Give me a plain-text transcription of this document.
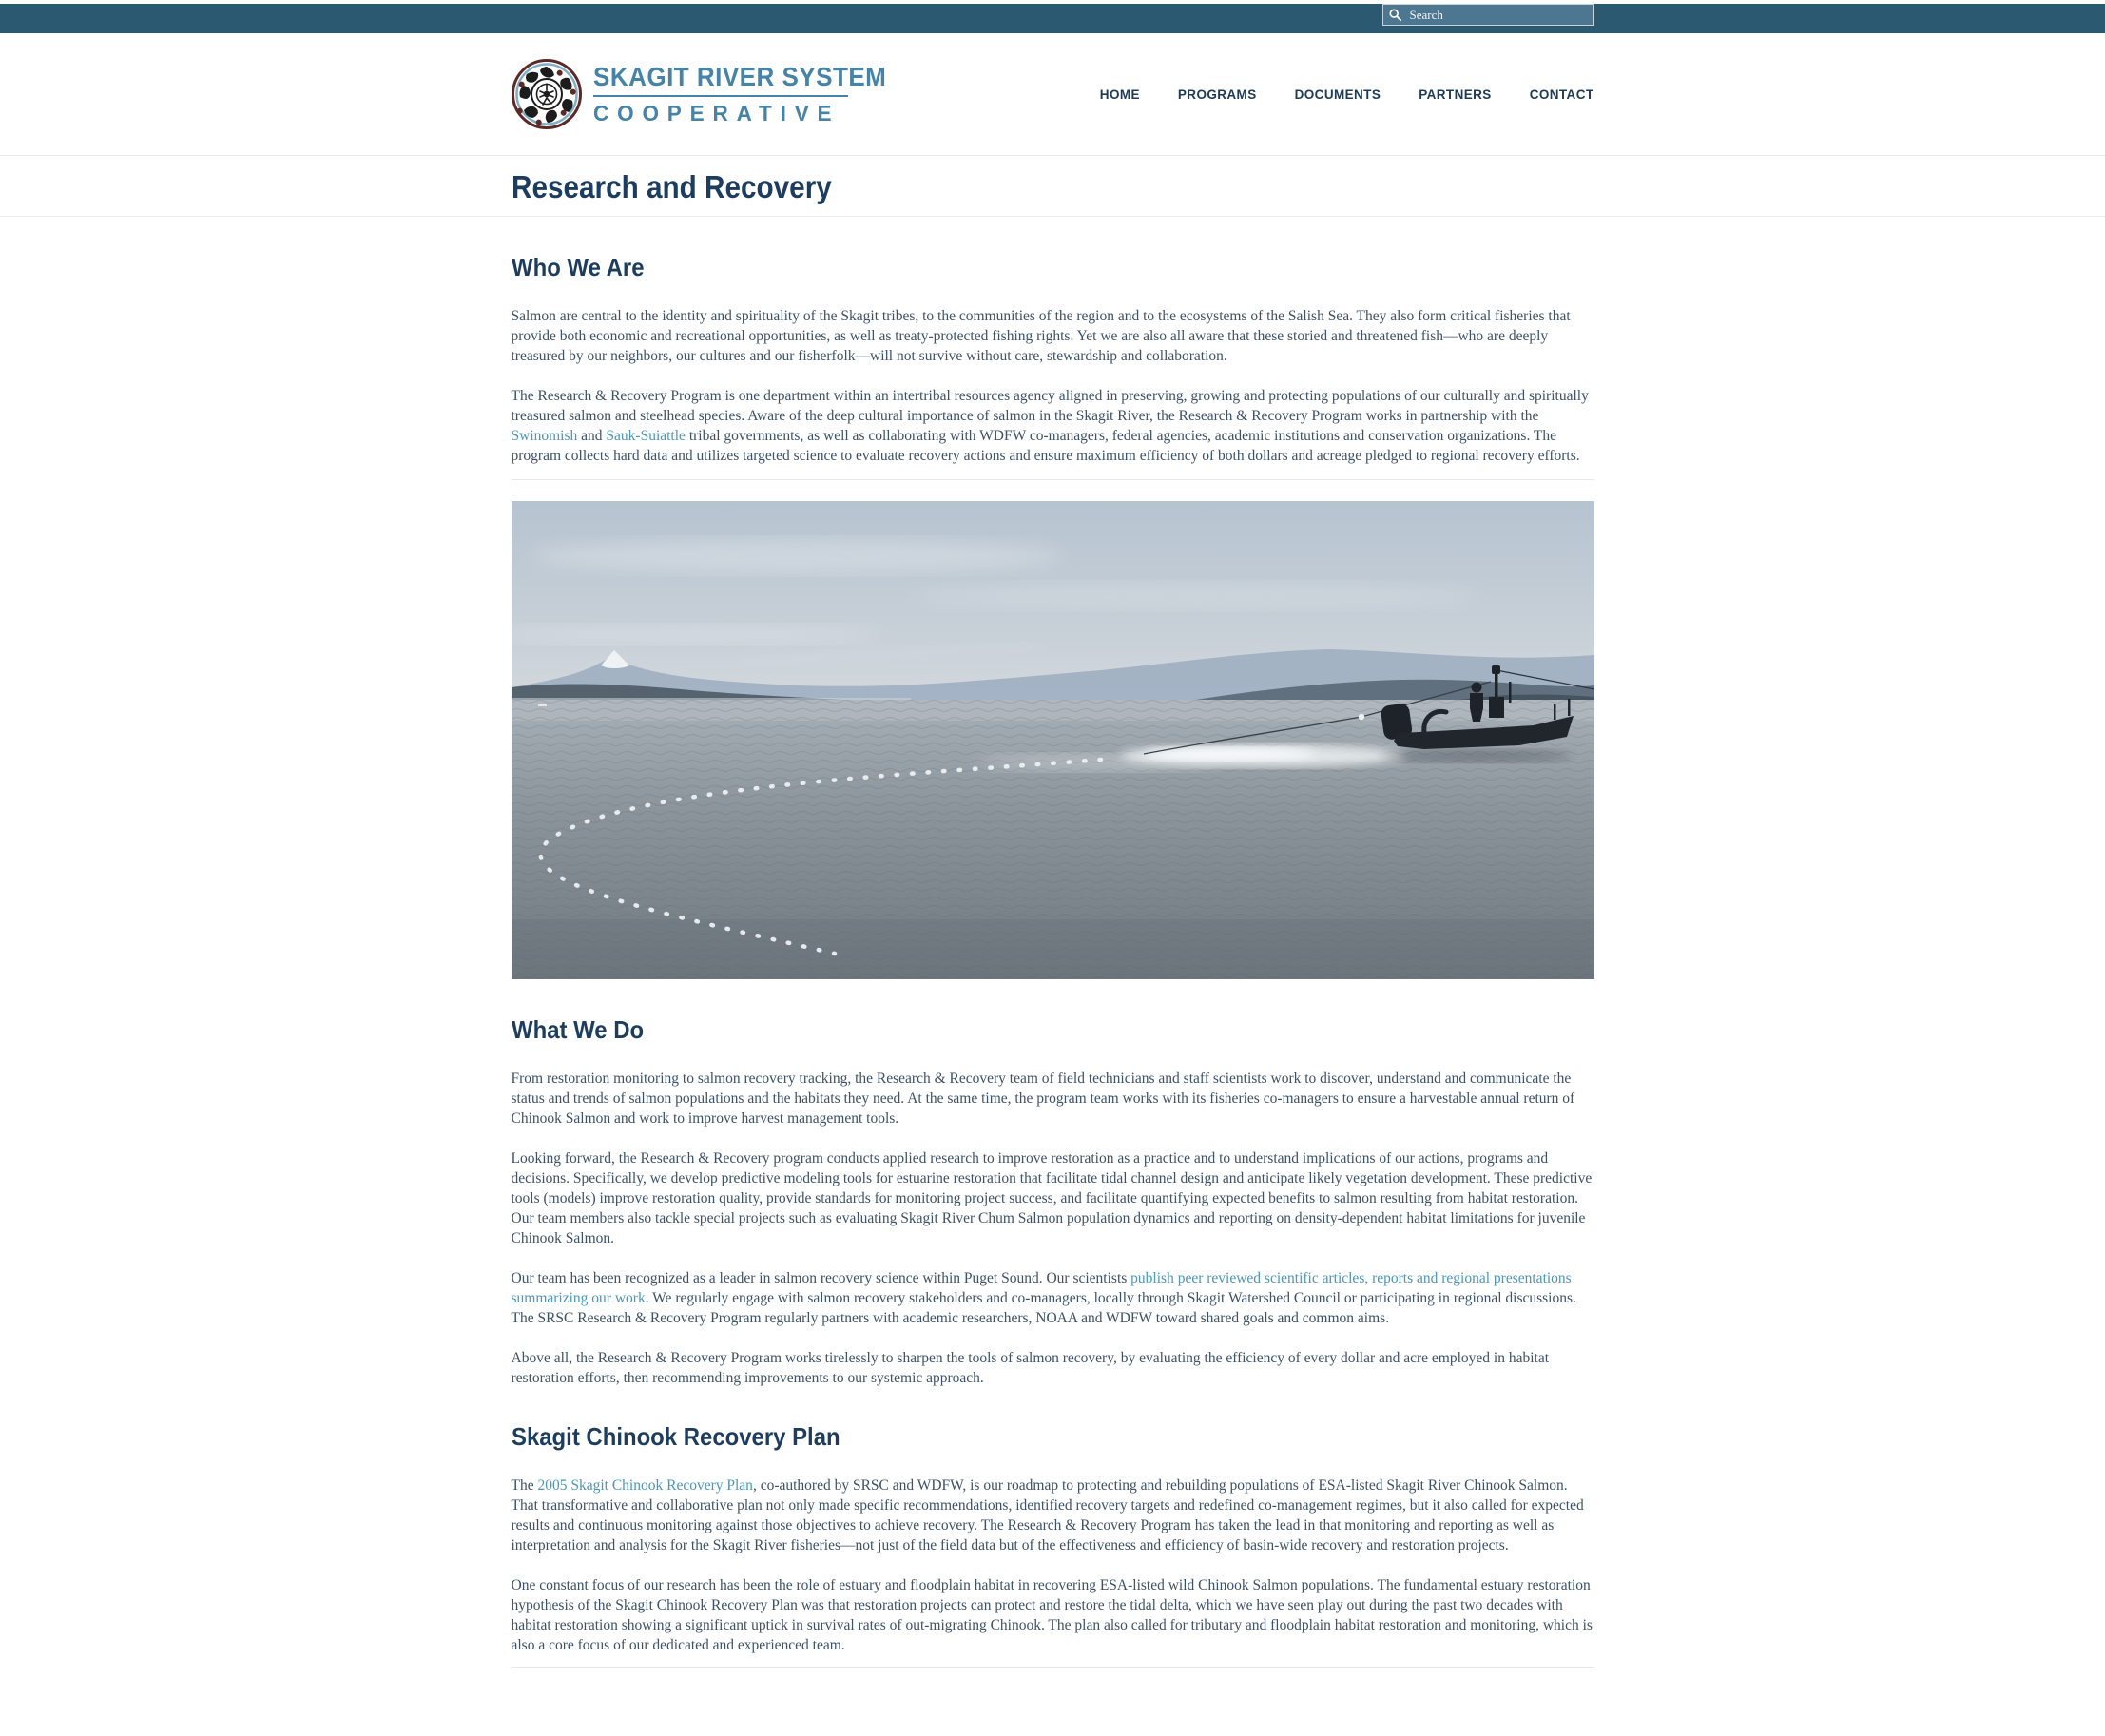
Search
SKAGIT RIVER SYSTEM
COOPERATIVE
HOME	PROGRAMS	DOCUMENTS	PARTNERS	CONTACT
Research and Recovery
Who We Are

Salmon are central to the identity and spirituality of the Skagit tribes, to the communities of the region and to the ecosystems of the Salish Sea. They also form critical fisheries that provide both economic and recreational opportunities, as well as treaty-protected fishing rights. Yet we are also all aware that these storied and threatened fish—who are deeply treasured by our neighbors, our cultures and our fisherfolk—will not survive without care, stewardship and collaboration.

The Research & Recovery Program is one department within an intertribal resources agency aligned in preserving, growing and protecting populations of our culturally and spiritually treasured salmon and steelhead species. Aware of the deep cultural importance of salmon in the Skagit River, the Research & Recovery Program works in partnership with the Swinomish and Sauk-Suiattle tribal governments, as well as collaborating with WDFW co-managers, federal agencies, academic institutions and conservation organizations. The program collects hard data and utilizes targeted science to evaluate recovery actions and ensure maximum efficiency of both dollars and acreage pledged to regional recovery efforts.

What We Do

From restoration monitoring to salmon recovery tracking, the Research & Recovery team of field technicians and staff scientists work to discover, understand and communicate the status and trends of salmon populations and the habitats they need. At the same time, the program team works with its fisheries co-managers to ensure a harvestable annual return of Chinook Salmon and work to improve harvest management tools.

Looking forward, the Research & Recovery program conducts applied research to improve restoration as a practice and to understand implications of our actions, programs and decisions. Specifically, we develop predictive modeling tools for estuarine restoration that facilitate tidal channel design and anticipate likely vegetation development. These predictive tools (models) improve restoration quality, provide standards for monitoring project success, and facilitate quantifying expected benefits to salmon resulting from habitat restoration. Our team members also tackle special projects such as evaluating Skagit River Chum Salmon population dynamics and reporting on density-dependent habitat limitations for juvenile Chinook Salmon.

Our team has been recognized as a leader in salmon recovery science within Puget Sound. Our scientists publish peer reviewed scientific articles, reports and regional presentations summarizing our work. We regularly engage with salmon recovery stakeholders and co-managers, locally through Skagit Watershed Council or participating in regional discussions. The SRSC Research & Recovery Program regularly partners with academic researchers, NOAA and WDFW toward shared goals and common aims.

Above all, the Research & Recovery Program works tirelessly to sharpen the tools of salmon recovery, by evaluating the efficiency of every dollar and acre employed in habitat restoration efforts, then recommending improvements to our systemic approach.

Skagit Chinook Recovery Plan

The 2005 Skagit Chinook Recovery Plan, co-authored by SRSC and WDFW, is our roadmap to protecting and rebuilding populations of ESA-listed Skagit River Chinook Salmon. That transformative and collaborative plan not only made specific recommendations, identified recovery targets and redefined co-management regimes, but it also called for expected results and continuous monitoring against those objectives to achieve recovery. The Research & Recovery Program has taken the lead in that monitoring and reporting as well as interpretation and analysis for the Skagit River fisheries—not just of the field data but of the effectiveness and efficiency of basin-wide recovery and restoration projects.

One constant focus of our research has been the role of estuary and floodplain habitat in recovering ESA-listed wild Chinook Salmon populations. The fundamental estuary restoration hypothesis of the Skagit Chinook Recovery Plan was that restoration projects can protect and restore the tidal delta, which we have seen play out during the past two decades with habitat restoration showing a significant uptick in survival rates of out-migrating Chinook. The plan also called for tributary and floodplain habitat restoration and monitoring, which is also a core focus of our dedicated and experienced team.
